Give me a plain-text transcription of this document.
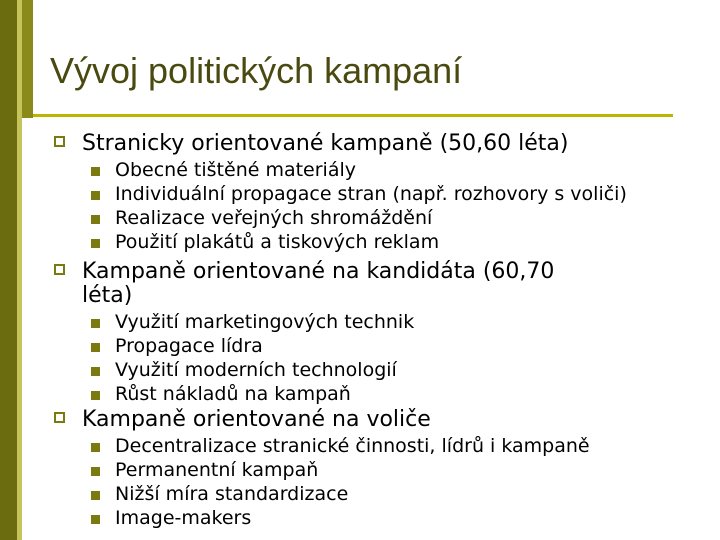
Vývoj politických kampaní
Stranicky orientované kampaně (50,60 léta)
Obecné tištěné materiály
Individuální propagace stran (např. rozhovory s voliči)
Realizace veřejných shromáždění
Použití plakátů a tiskových reklam
Kampaně orientované na kandidáta (60,70
léta)
Využití marketingových technik
Propagace lídra
Využití moderních technologií
Růst nákladů na kampaň
Kampaně orientované na voliče
Decentralizace stranické činnosti, lídrů i kampaně
Permanentní kampaň
Nižší míra standardizace
Image-makers
